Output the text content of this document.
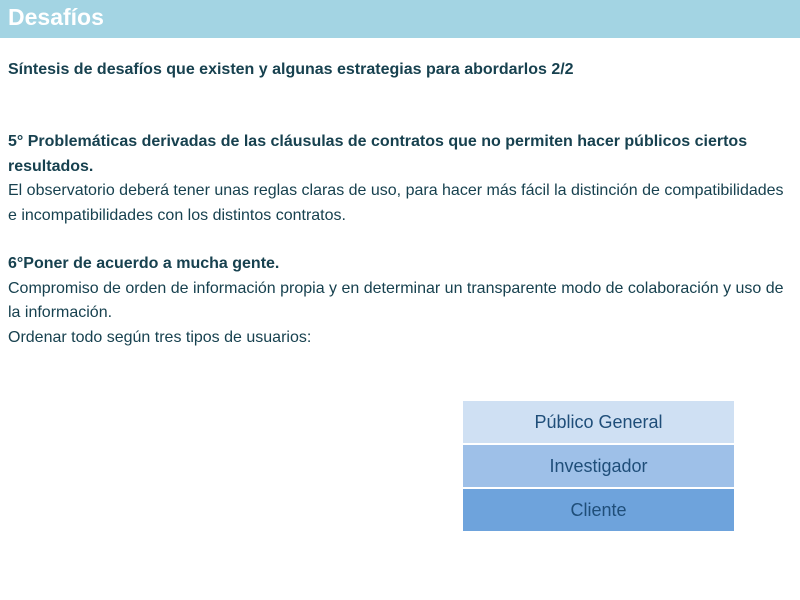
Desafíos
Síntesis de desafíos que existen y algunas estrategias para abordarlos 2/2

5° Problemáticas derivadas de las cláusulas de contratos que no permiten hacer públicos ciertos resultados.

El observatorio deberá tener unas reglas claras de uso, para hacer más fácil la distinción de compatibilidades e incompatibilidades con los distintos contratos.

6°Poner de acuerdo a mucha gente.

Compromiso de orden de información propia y en determinar un transparente modo de colaboración y uso de la información.

Ordenar todo según tres tipos de usuarios:

Público General
Investigador
Cliente
